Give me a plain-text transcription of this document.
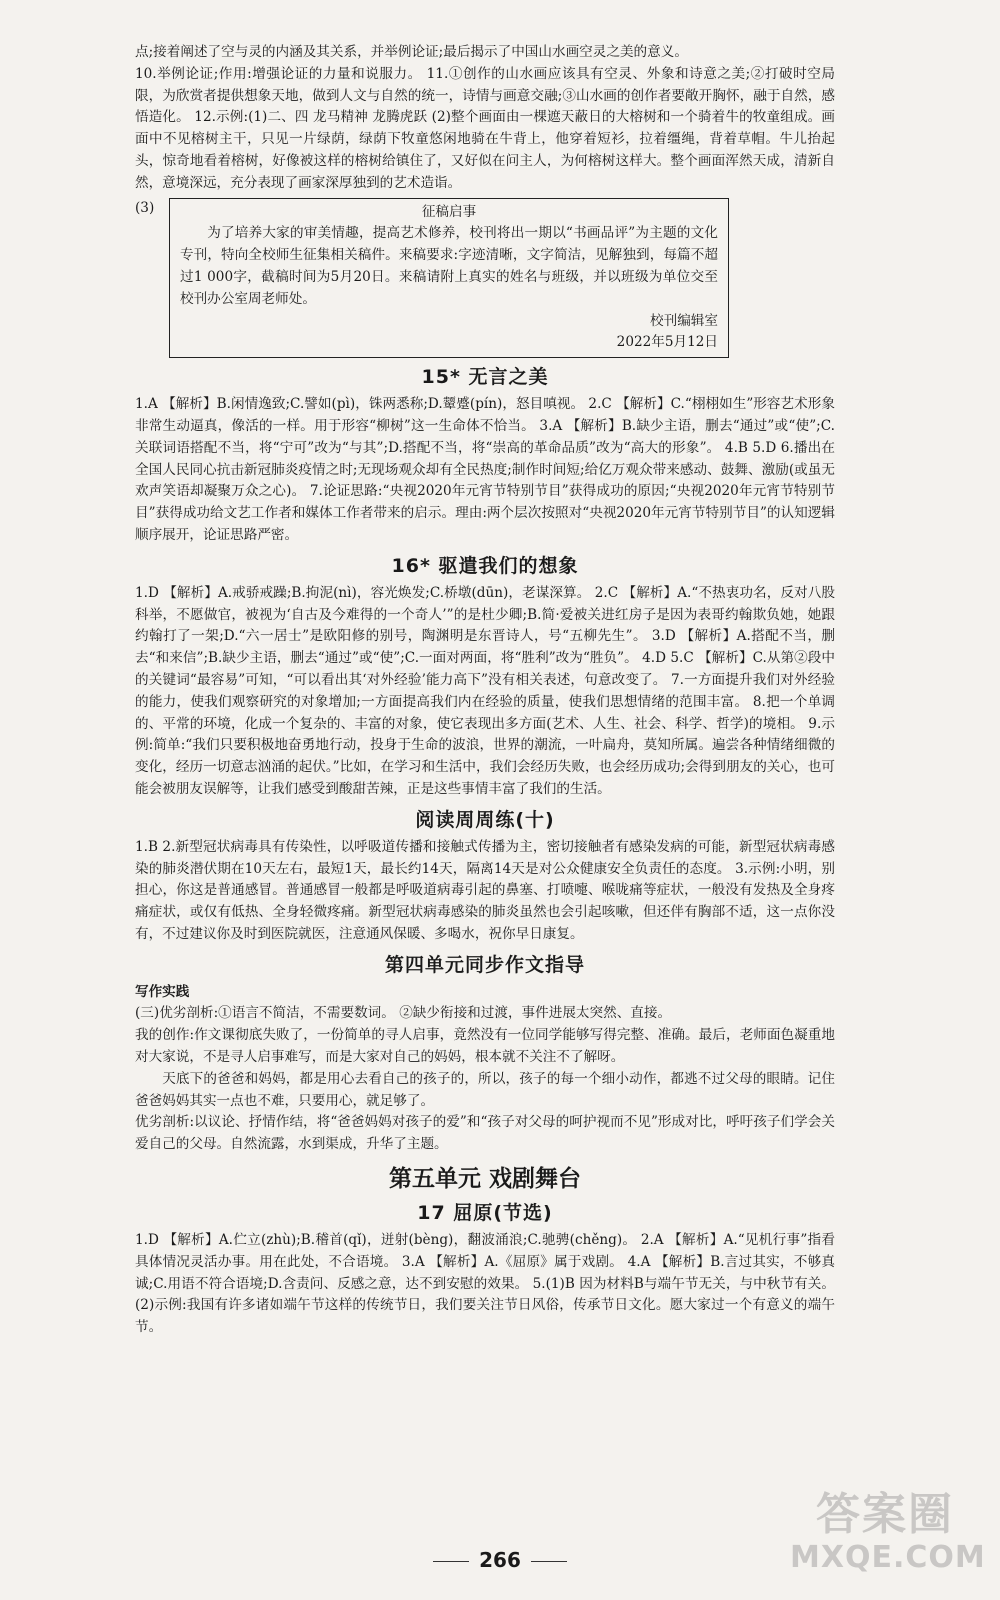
点;接着阐述了空与灵的内涵及其关系，并举例论证;最后揭示了中国山水画空灵之美的意义。

10.举例论证;作用:增强论证的力量和说服力。 11.①创作的山水画应该具有空灵、外象和诗意之美;②打破时空局限，为欣赏者提供想象天地，做到人文与自然的统一，诗情与画意交融;③山水画的创作者要敞开胸怀，融于自然，感悟造化。 12.示例:(1)二、四 龙马精神 龙腾虎跃 (2)整个画面由一棵遮天蔽日的大榕树和一个骑着牛的牧童组成。画面中不见榕树主干，只见一片绿荫，绿荫下牧童悠闲地骑在牛背上，他穿着短衫，拉着缰绳，背着草帽。牛儿抬起头，惊奇地看着榕树，好像被这样的榕树给镇住了，又好似在问主人，为何榕树这样大。整个画面浑然天成，清新自然，意境深远，充分表现了画家深厚独到的艺术造诣。

(3)	征稿启事

为了培养大家的审美情趣，提高艺术修养，校刊将出一期以“书画品评”为主题的文化专刊，特向全校师生征集相关稿件。来稿要求:字迹清晰，文字简洁，见解独到，每篇不超过1 000字，截稿时间为5月20日。来稿请附上真实的姓名与班级，并以班级为单位交至校刊办公室周老师处。

校刊编辑室

2022年5月12日

15* 无言之美

1.A 【解析】B.闲情逸致;C.譬如(pì)，铢两悉称;D.颦蹙(pín)，怒目嗔视。 2.C 【解析】C.“栩栩如生”形容艺术形象非常生动逼真，像活的一样。用于形容“柳树”这一生命体不恰当。 3.A 【解析】B.缺少主语，删去“通过”或“使”;C.关联词语搭配不当，将“宁可”改为“与其”;D.搭配不当，将“崇高的革命品质”改为“高大的形象”。 4.B 5.D 6.播出在全国人民同心抗击新冠肺炎疫情之时;无现场观众却有全民热度;制作时间短;给亿万观众带来感动、鼓舞、激励(或虽无欢声笑语却凝聚万众之心)。 7.论证思路:“央视2020年元宵节特别节目”获得成功的原因;“央视2020年元宵节特别节目”获得成功给文艺工作者和媒体工作者带来的启示。理由:两个层次按照对“央视2020年元宵节特别节目”的认知逻辑顺序展开，论证思路严密。

16* 驱遣我们的想象

1.D 【解析】A.戒骄戒躁;B.拘泥(nì)，容光焕发;C.桥墩(dūn)，老谋深算。 2.C 【解析】A.“不热衷功名，反对八股科举，不愿做官，被视为‘自古及今难得的一个奇人’”的是杜少卿;B.简·爱被关进红房子是因为表哥约翰欺负她，她跟约翰打了一架;D.“六一居士”是欧阳修的别号，陶渊明是东晋诗人，号“五柳先生”。 3.D 【解析】A.搭配不当，删去“和来信”;B.缺少主语，删去“通过”或“使”;C.一面对两面，将“胜利”改为“胜负”。 4.D 5.C 【解析】C.从第②段中的关键词“最容易”可知，“可以看出其‘对外经验’能力高下”没有相关表述，句意改变了。 7.一方面提升我们对外经验的能力，使我们观察研究的对象增加;一方面提高我们内在经验的质量，使我们思想情绪的范围丰富。 8.把一个单调的、平常的环境，化成一个复杂的、丰富的对象，使它表现出多方面(艺术、人生、社会、科学、哲学)的境相。 9.示例:简单:“我们只要积极地奋勇地行动，投身于生命的波浪，世界的潮流，一叶扁舟，莫知所属。遍尝各种情绪细微的变化，经历一切意志汹涌的起伏。”比如，在学习和生活中，我们会经历失败，也会经历成功;会得到朋友的关心，也可能会被朋友误解等，让我们感受到酸甜苦辣，正是这些事情丰富了我们的生活。

阅读周周练(十)

1.B 2.新型冠状病毒具有传染性，以呼吸道传播和接触式传播为主，密切接触者有感染发病的可能，新型冠状病毒感染的肺炎潜伏期在10天左右，最短1天，最长约14天，隔离14天是对公众健康安全负责任的态度。 3.示例:小明，别担心，你这是普通感冒。普通感冒一般都是呼吸道病毒引起的鼻塞、打喷嚏、喉咙痛等症状，一般没有发热及全身疼痛症状，或仅有低热、全身轻微疼痛。新型冠状病毒感染的肺炎虽然也会引起咳嗽，但还伴有胸部不适，这一点你没有，不过建议你及时到医院就医，注意通风保暖、多喝水，祝你早日康复。

第四单元同步作文指导
写作实践

(三)优劣剖析:①语言不简洁，不需要数词。 ②缺少衔接和过渡，事件进展太突然、直接。

我的创作:作文课彻底失败了，一份简单的寻人启事，竟然没有一位同学能够写得完整、准确。最后，老师面色凝重地对大家说，不是寻人启事难写，而是大家对自己的妈妈，根本就不关注不了解呀。

天底下的爸爸和妈妈，都是用心去看自己的孩子的，所以，孩子的每一个细小动作，都逃不过父母的眼睛。记住爸爸妈妈其实一点也不难，只要用心，就足够了。

优劣剖析:以议论、抒情作结，将“爸爸妈妈对孩子的爱”和“孩子对父母的呵护视而不见”形成对比，呼吁孩子们学会关爱自己的父母。自然流露，水到渠成，升华了主题。

第五单元 戏剧舞台
17 屈原(节选)

1.D 【解析】A.伫立(zhù);B.稽首(qǐ)，迸射(bèng)，翻波涌浪;C.驰骋(chěng)。 2.A 【解析】A.“见机行事”指看具体情况灵活办事。用在此处，不合语境。 3.A 【解析】A.《屈原》属于戏剧。 4.A 【解析】B.言过其实，不够真诚;C.用语不符合语境;D.含责问、反感之意，达不到安慰的效果。 5.(1)B 因为材料B与端午节无关，与中秋节有关。 (2)示例:我国有许多诸如端午节这样的传统节日，我们要关注节日风俗，传承节日文化。愿大家过一个有意义的端午节。

266
答案圈
MXQE.COM
